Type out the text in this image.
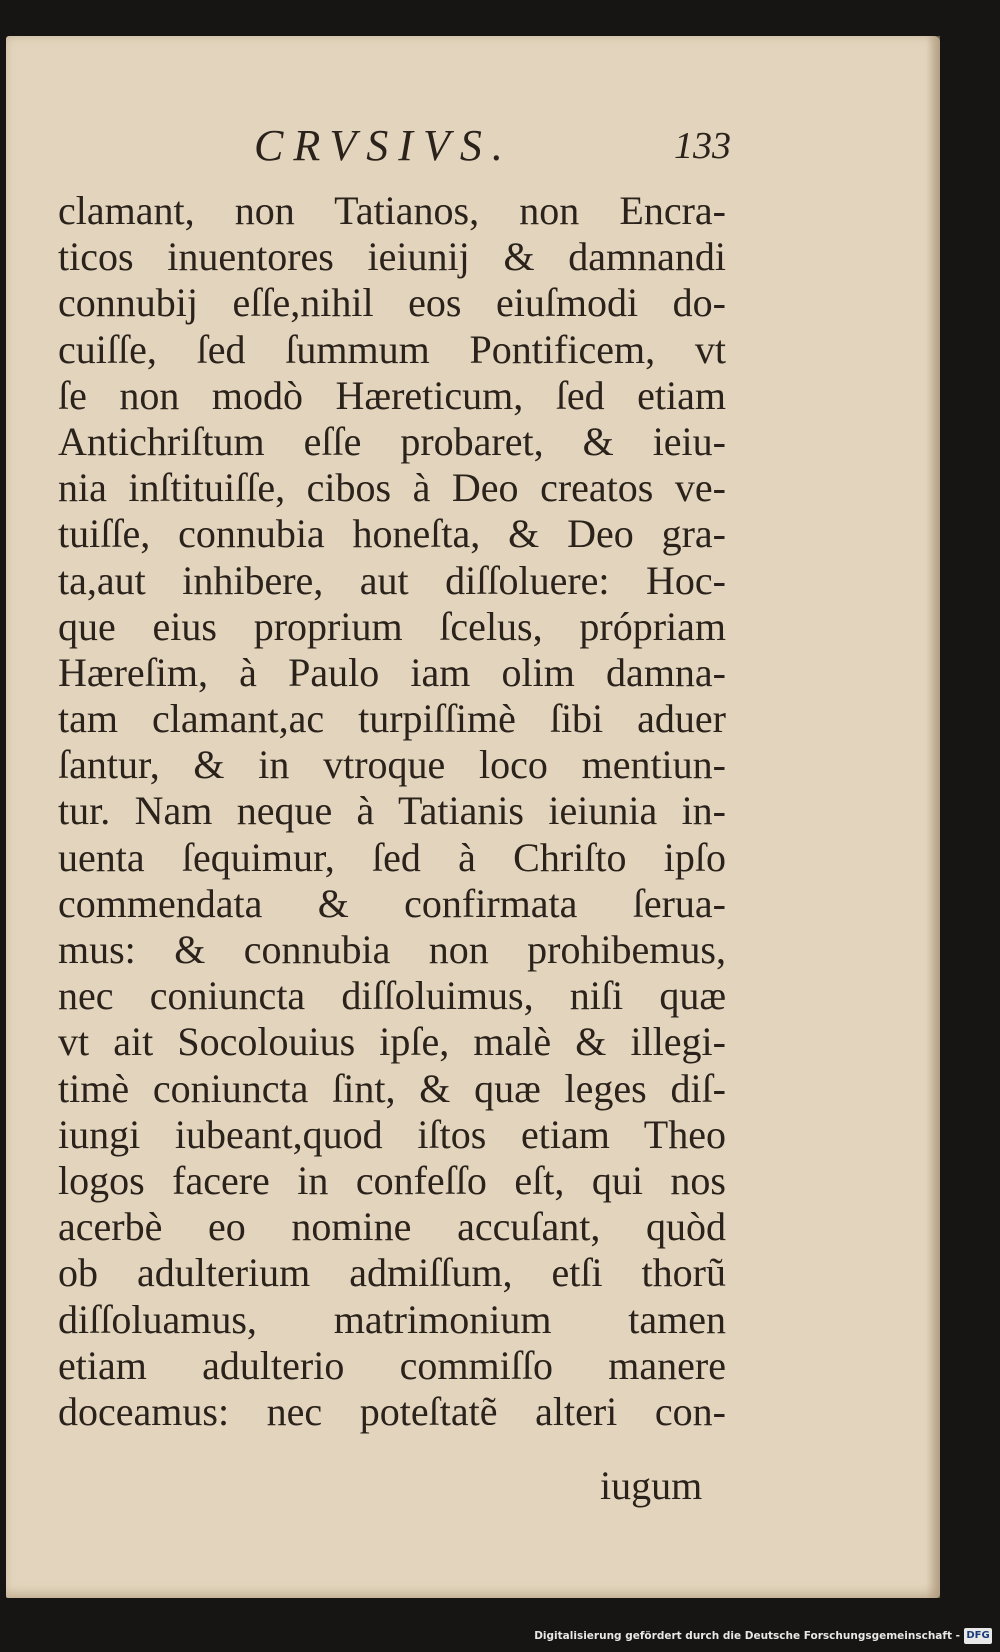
CRVSIVS.	133
clamant, non Tatianos, non Encra-
ticos inuentores ieiunij & damnandi
connubij eſſe,nihil eos eiuſmodi do-
cuiſſe, ſed ſummum Pontificem, vt
ſe non modò Hæreticum, ſed etiam
Antichriſtum eſſe probaret, & ieiu-
nia inſtituiſſe, cibos à Deo creatos ve-
tuiſſe, connubia honeſta, & Deo gra-
ta,aut inhibere, aut diſſoluere: Hoc-
que eius proprium ſcelus, própriam
Hæreſim, à Paulo iam olim damna-
tam clamant,ac turpiſſimè ſibi aduer
ſantur, & in vtroque loco mentiun-
tur. Nam neque à Tatianis ieiunia in-
uenta ſequimur, ſed à Chriſto ipſo
commendata & confirmata ſerua-
mus: & connubia non prohibemus,
nec coniuncta diſſoluimus, niſi quæ
vt ait Socolouius ipſe, malè & illegi-
timè coniuncta ſint, & quæ leges diſ-
iungi iubeant,quod iſtos etiam Theo
logos facere in confeſſo eſt, qui nos
acerbè eo nomine accuſant, quòd
ob adulterium admiſſum, etſi thorũ
diſſoluamus, matrimonium tamen
etiam adulterio commiſſo manere
doceamus: nec poteſtatẽ alteri con-
iugum
Digitalisierung gefördert durch die Deutsche Forschungsgemeinschaft - DFG
